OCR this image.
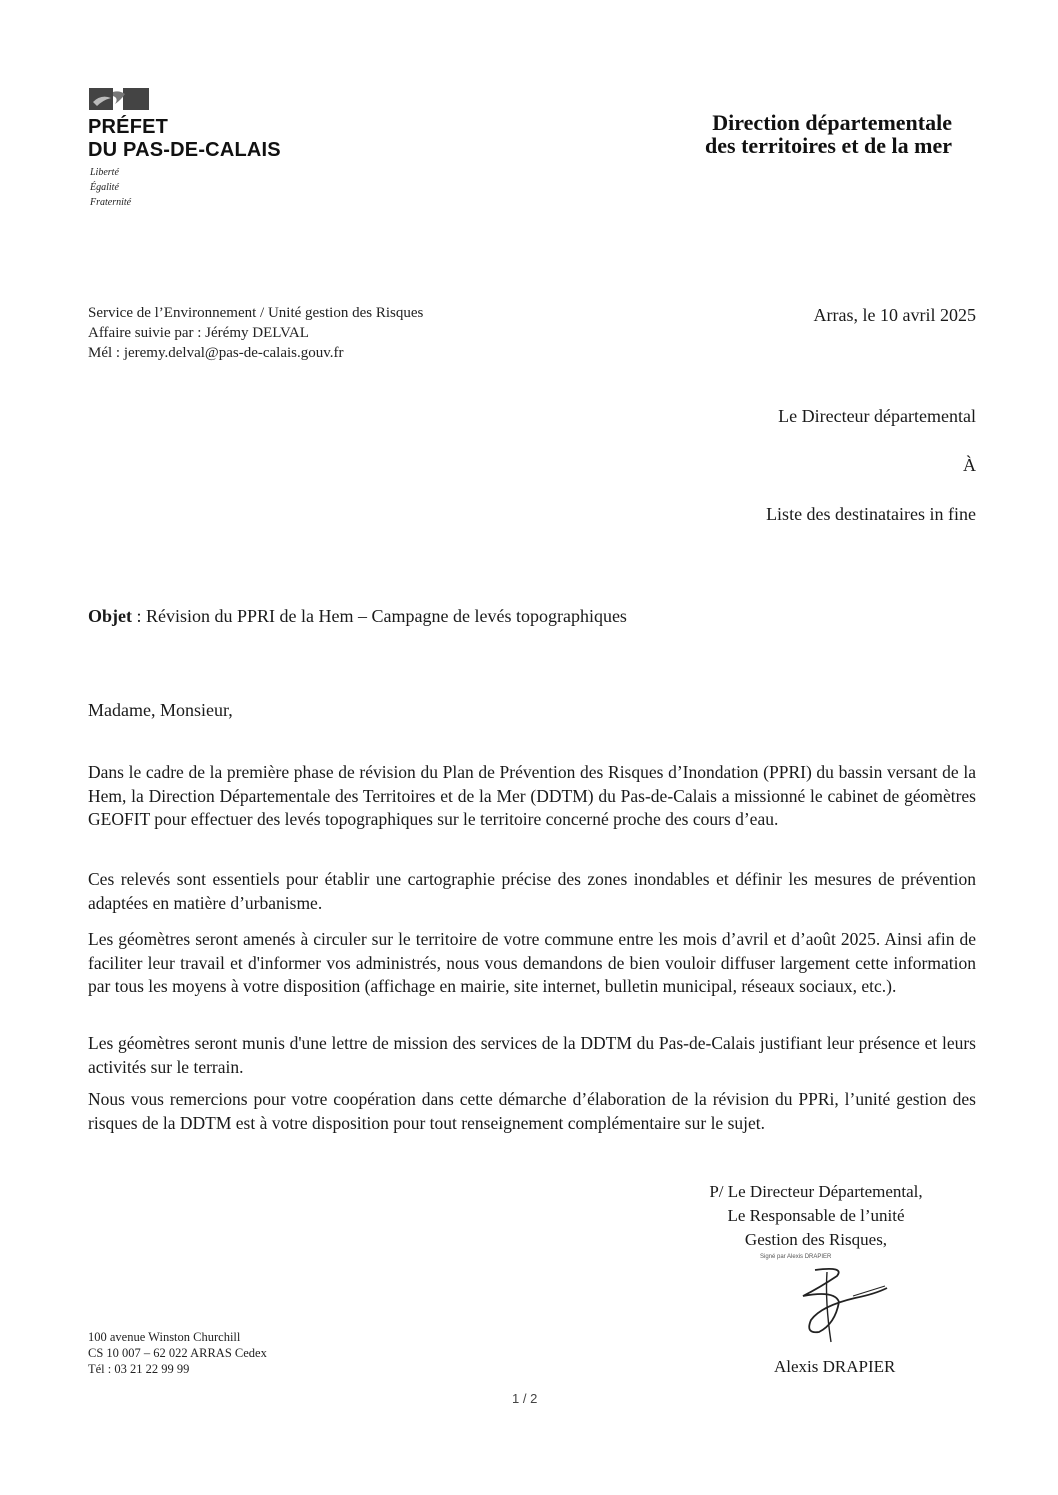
PRÉFET
DU PAS-DE-CALAIS
Liberté
Égalité
Fraternité
Direction départementale
des territoires et de la mer
Service de l’Environnement / Unité gestion des Risques
Affaire suivie par : Jérémy DELVAL
Mél : jeremy.delval@pas-de-calais.gouv.fr
Arras, le 10 avril 2025
Le Directeur départemental
À
Liste des destinataires in fine
Objet : Révision du PPRI de la Hem – Campagne de levés topographiques
Madame, Monsieur,

Dans le cadre de la première phase de révision du Plan de Prévention des Risques d’Inondation (PPRI) du bassin versant de la Hem, la Direction Départementale des Territoires et de la Mer (DDTM) du Pas-de-Calais a missionné le cabinet de géomètres GEOFIT pour effectuer des levés topographiques sur le territoire concerné proche des cours d’eau.

Ces relevés sont essentiels pour établir une cartographie précise des zones inondables et définir les mesures de prévention adaptées en matière d’urbanisme.

Les géomètres seront amenés à circuler sur le territoire de votre commune entre les mois d’avril et d’août 2025. Ainsi afin de faciliter leur travail et d'informer vos administrés, nous vous demandons de bien vouloir diffuser largement cette information par tous les moyens à votre disposition (affichage en mairie, site internet, bulletin municipal, réseaux sociaux, etc.).

Les géomètres seront munis d'une lettre de mission des services de la DDTM du Pas-de-Calais justifiant leur présence et leurs activités sur le terrain.

Nous vous remercions pour votre coopération dans cette démarche d’élaboration de la révision du PPRi, l’unité gestion des risques de la DDTM est à votre disposition pour tout renseignement complémentaire sur le sujet.

P/ Le Directeur Départemental,
Le Responsable de l’unité
Gestion des Risques,
Signé par Alexis DRAPIER
Alexis DRAPIER
100 avenue Winston Churchill
CS 10 007 – 62 022 ARRAS Cedex
Tél : 03 21 22 99 99
1 / 2
